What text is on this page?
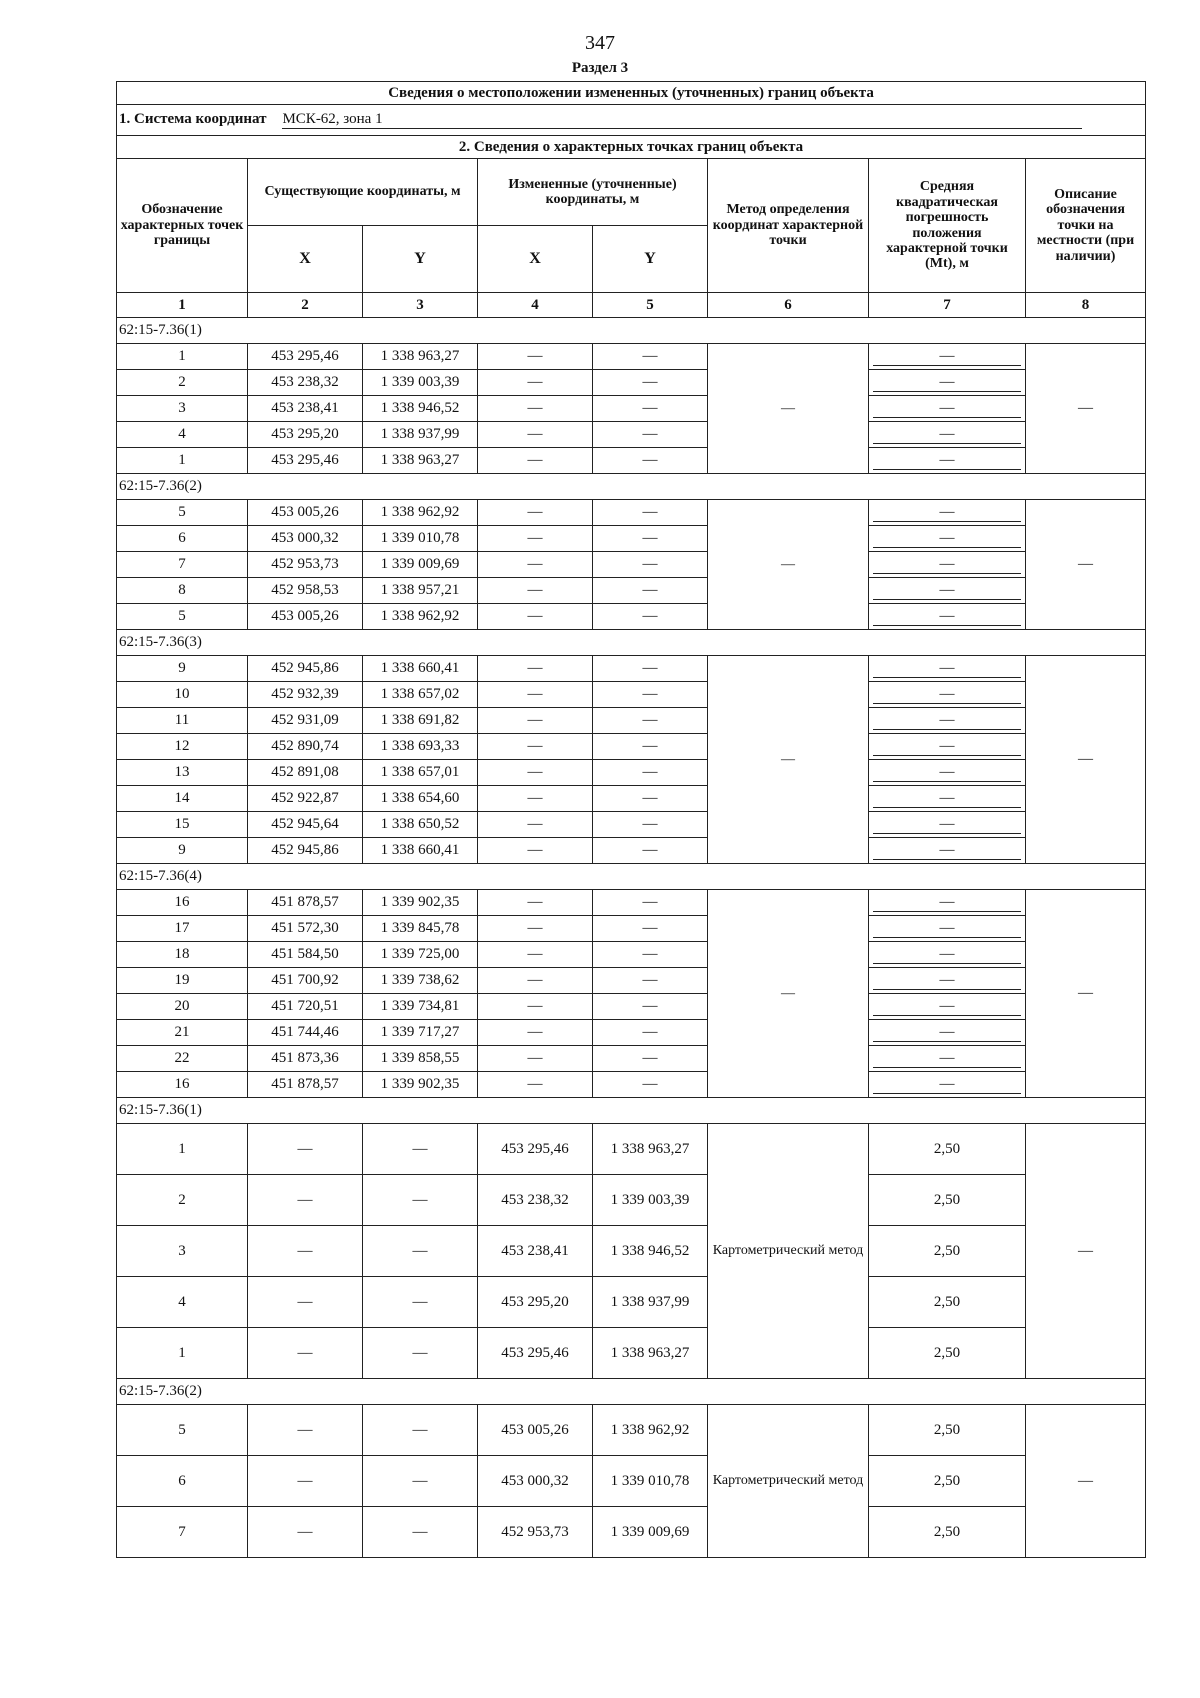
347
Раздел 3
Сведения о местоположении измененных (уточненных) границ объекта							
1. Система координат МСК-62, зона 1							
2. Сведения о характерных точках границ объекта							
Обозначение характерных точек границы	Существующие координаты, м		Измененные (уточненные) координаты, м		Метод определения координат характерной точки	Средняя квадратическая погрешность положения характерной точки (Mt), м	Описание обозначения точки на местности (при наличии)
	X	Y	X	Y			
1	2	3	4	5	6	7	8
62:15-7.36(1)							
1	453 295,46	1 338 963,27	—	—	—	—	—
2	453 238,32	1 339 003,39	—	—		—	

3	453 238,41	1 338 946,52	—	—		—	

4	453 295,20	1 338 937,99	—	—		—	

1	453 295,46	1 338 963,27	—	—		—	

62:15-7.36(2)							
5	453 005,26	1 338 962,92	—	—	—	—	—
6	453 000,32	1 339 010,78	—	—		—	

7	452 953,73	1 339 009,69	—	—		—	

8	452 958,53	1 338 957,21	—	—		—	

5	453 005,26	1 338 962,92	—	—		—	

62:15-7.36(3)							
9	452 945,86	1 338 660,41	—	—	—	—	—
10	452 932,39	1 338 657,02	—	—		—	

11	452 931,09	1 338 691,82	—	—		—	

12	452 890,74	1 338 693,33	—	—		—	

13	452 891,08	1 338 657,01	—	—		—	

14	452 922,87	1 338 654,60	—	—		—	

15	452 945,64	1 338 650,52	—	—		—	

9	452 945,86	1 338 660,41	—	—		—	

62:15-7.36(4)							
16	451 878,57	1 339 902,35	—	—	—	—	—
17	451 572,30	1 339 845,78	—	—		—	

18	451 584,50	1 339 725,00	—	—		—	

19	451 700,92	1 339 738,62	—	—		—	

20	451 720,51	1 339 734,81	—	—		—	

21	451 744,46	1 339 717,27	—	—		—	

22	451 873,36	1 339 858,55	—	—		—	

16	451 878,57	1 339 902,35	—	—		—	

62:15-7.36(1)							
1	—	—	453 295,46	1 338 963,27	Картометрический метод	2,50	—
2	—	—	453 238,32	1 339 003,39		2,50	
3	—	—	453 238,41	1 338 946,52		2,50	
4	—	—	453 295,20	1 338 937,99		2,50	
1	—	—	453 295,46	1 338 963,27		2,50	
62:15-7.36(2)							
5	—	—	453 005,26	1 338 962,92	Картометрический метод	2,50	—
6	—	—	453 000,32	1 339 010,78		2,50	
7	—	—	452 953,73	1 339 009,69		2,50	
